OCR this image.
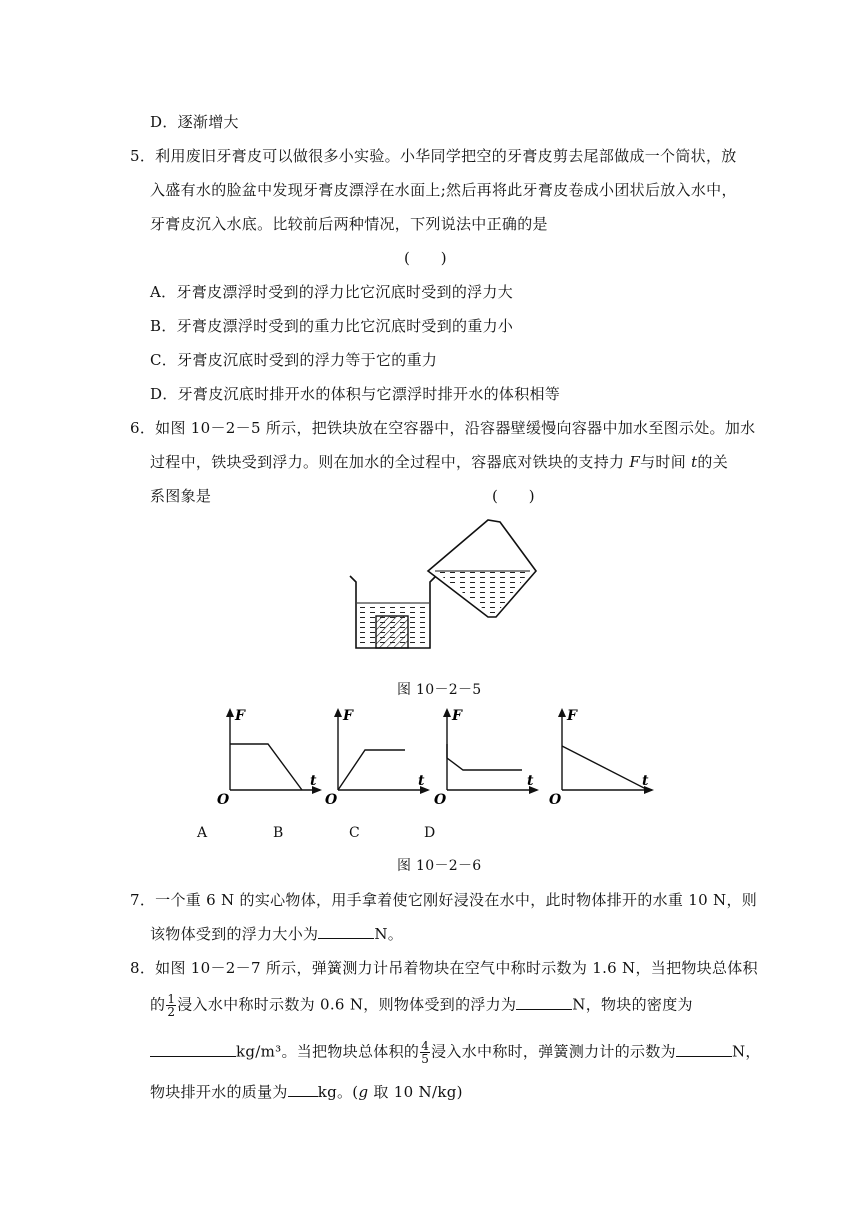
D．逐渐增大
5．利用废旧牙膏皮可以做很多小实验。小华同学把空的牙膏皮剪去尾部做成一个筒状，放
入盛有水的脸盆中发现牙膏皮漂浮在水面上;然后再将此牙膏皮卷成小团状后放入水中，
牙膏皮沉入水底。比较前后两种情况，下列说法中正确的是
(　　)
A．牙膏皮漂浮时受到的浮力比它沉底时受到的浮力大
B．牙膏皮漂浮时受到的重力比它沉底时受到的重力小
C．牙膏皮沉底时受到的浮力等于它的重力
D．牙膏皮沉底时排开水的体积与它漂浮时排开水的体积相等
6．如图 10－2－5 所示，把铁块放在空容器中，沿容器壁缓慢向容器中加水至图示处。加水
过程中，铁块受到浮力。则在加水的全过程中，容器底对铁块的支持力 F与时间 t的关
系图象是	(　　)
图 10－2－5
F
t
O
F
t
O
F
t
O
F
t
O
A	B	C	D
图 10－2－6
7．一个重 6 N 的实心物体，用手拿着使它刚好浸没在水中，此时物体排开的水重 10 N，则
该物体受到的浮力大小为	N。
8．如图 10－2－7 所示，弹簧测力计吊着物块在空气中称时示数为 1.6 N，当把物块总体积
的 $\frac{1}{2}$ 浸入水中称时示数为 0.6 N，则物体受到的浮力为	N，物块的密度为
kg/m³。当把物块总体积的 $\frac{4}{5}$ 浸入水中称时，弹簧测力计的示数为	N，
物块排开水的质量为 kg。(g 取 10 N/kg)
